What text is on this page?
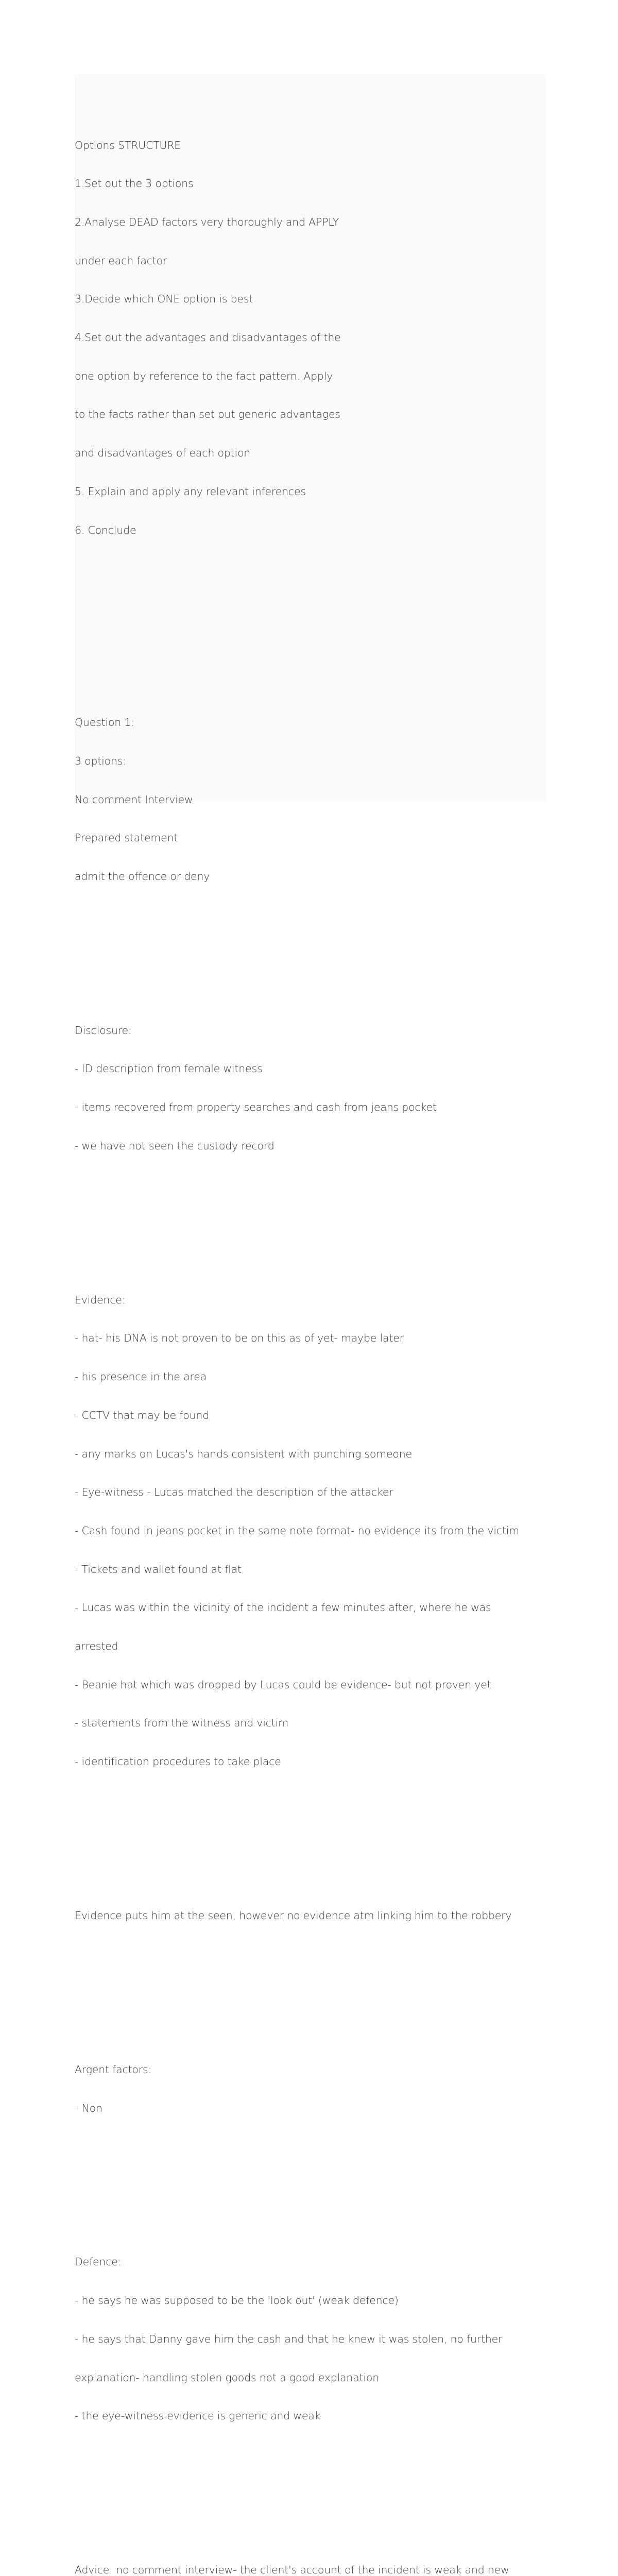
Options STRUCTURE

1.Set out the 3 options

2.Analyse DEAD factors very thoroughly and APPLY

under each factor

3.Decide which ONE option is best

4.Set out the advantages and disadvantages of the

one option by reference to the fact pattern. Apply

to the facts rather than set out generic advantages

and disadvantages of each option

5. Explain and apply any relevant inferences

6. Conclude

Question 1:

3 options:

No comment Interview

Prepared statement

admit the offence or deny

Disclosure:

- ID description from female witness

- items recovered from property searches and cash from jeans pocket

- we have not seen the custody record

Evidence:

- hat- his DNA is not proven to be on this as of yet- maybe later

- his presence in the area

- CCTV that may be found

- any marks on Lucas's hands consistent with punching someone

- Eye-witness - Lucas matched the description of the attacker

- Cash found in jeans pocket in the same note format- no evidence its from the victim

- Tickets and wallet found at flat

- Lucas was within the vicinity of the incident a few minutes after, where he was

arrested

- Beanie hat which was dropped by Lucas could be evidence- but not proven yet

- statements from the witness and victim

- identification procedures to take place

Evidence puts him at the seen, however no evidence atm linking him to the robbery

Argent factors:

- Non

Defence:

- he says he was supposed to be the 'look out' (weak defence)

- he says that Danny gave him the cash and that he knew it was stolen, no further

explanation- handling stolen goods not a good explanation

- the eye-witness evidence is generic and weak

Advice: no comment interview- the client's account of the incident is weak and new
